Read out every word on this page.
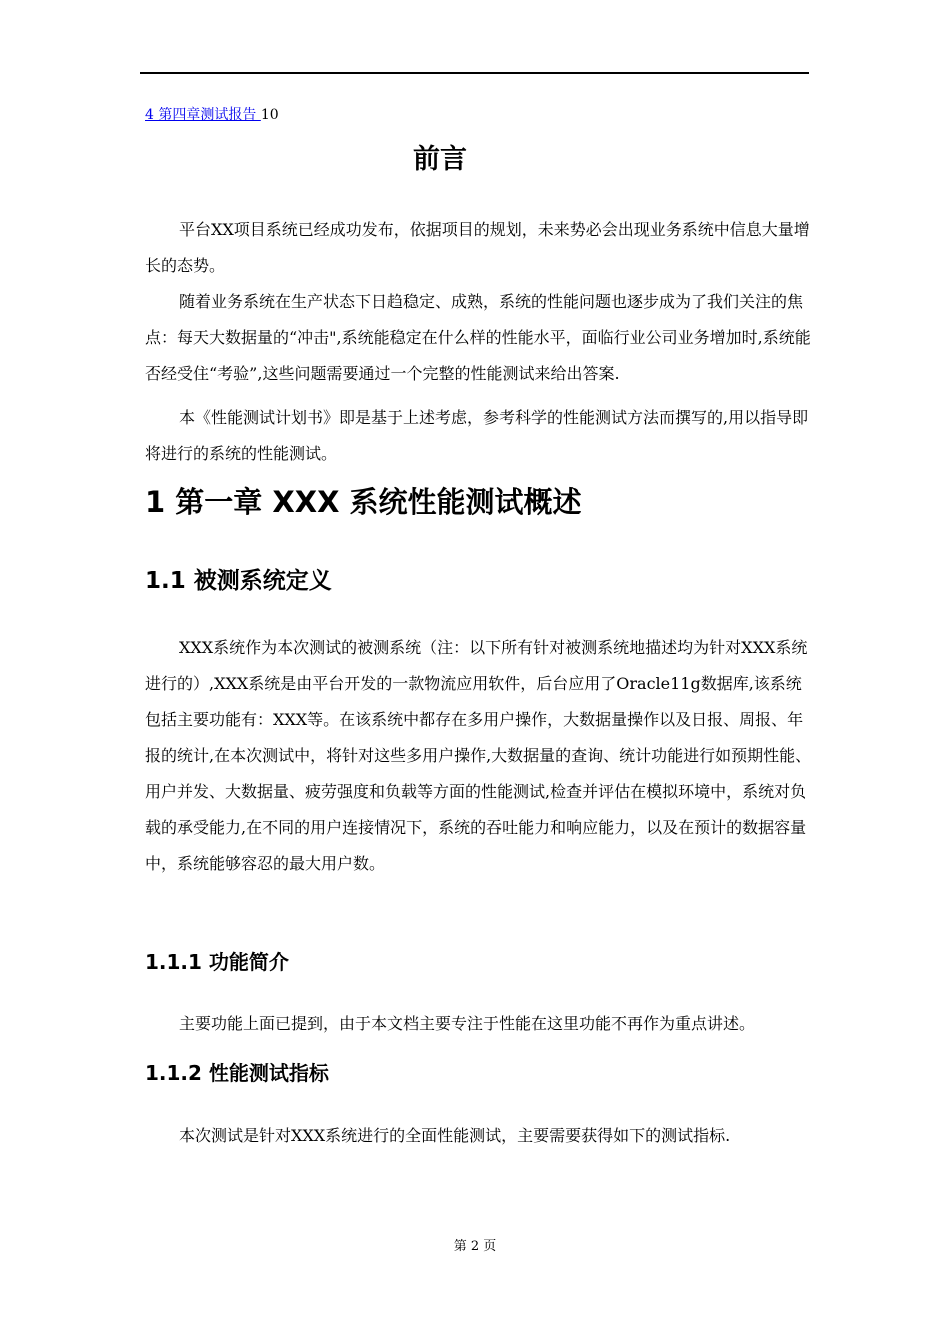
4 第四章测试报告 10
前言

平台XX项目系统已经成功发布，依据项目的规划，未来势必会出现业务系统中信息大量增长的态势。

随着业务系统在生产状态下日趋稳定、成熟，系统的性能问题也逐步成为了我们关注的焦点：每天大数据量的“冲击",系统能稳定在什么样的性能水平，面临行业公司业务增加时,系统能否经受住“考验”,这些问题需要通过一个完整的性能测试来给出答案.

本《性能测试计划书》即是基于上述考虑，参考科学的性能测试方法而撰写的,用以指导即将进行的系统的性能测试。

1 第一章 XXX 系统性能测试概述
1.1 被测系统定义

XXX系统作为本次测试的被测系统（注：以下所有针对被测系统地描述均为针对XXX系统进行的）,XXX系统是由平台开发的一款物流应用软件，后台应用了Oracle11g数据库,该系统包括主要功能有：XXX等。在该系统中都存在多用户操作，大数据量操作以及日报、周报、年报的统计,在本次测试中，将针对这些多用户操作,大数据量的查询、统计功能进行如预期性能、用户并发、大数据量、疲劳强度和负载等方面的性能测试,检查并评估在模拟环境中，系统对负载的承受能力,在不同的用户连接情况下，系统的吞吐能力和响应能力，以及在预计的数据容量中，系统能够容忍的最大用户数。

1.1.1 功能简介

主要功能上面已提到，由于本文档主要专注于性能在这里功能不再作为重点讲述。

1.1.2 性能测试指标

本次测试是针对XXX系统进行的全面性能测试，主要需要获得如下的测试指标.

第 2 页
